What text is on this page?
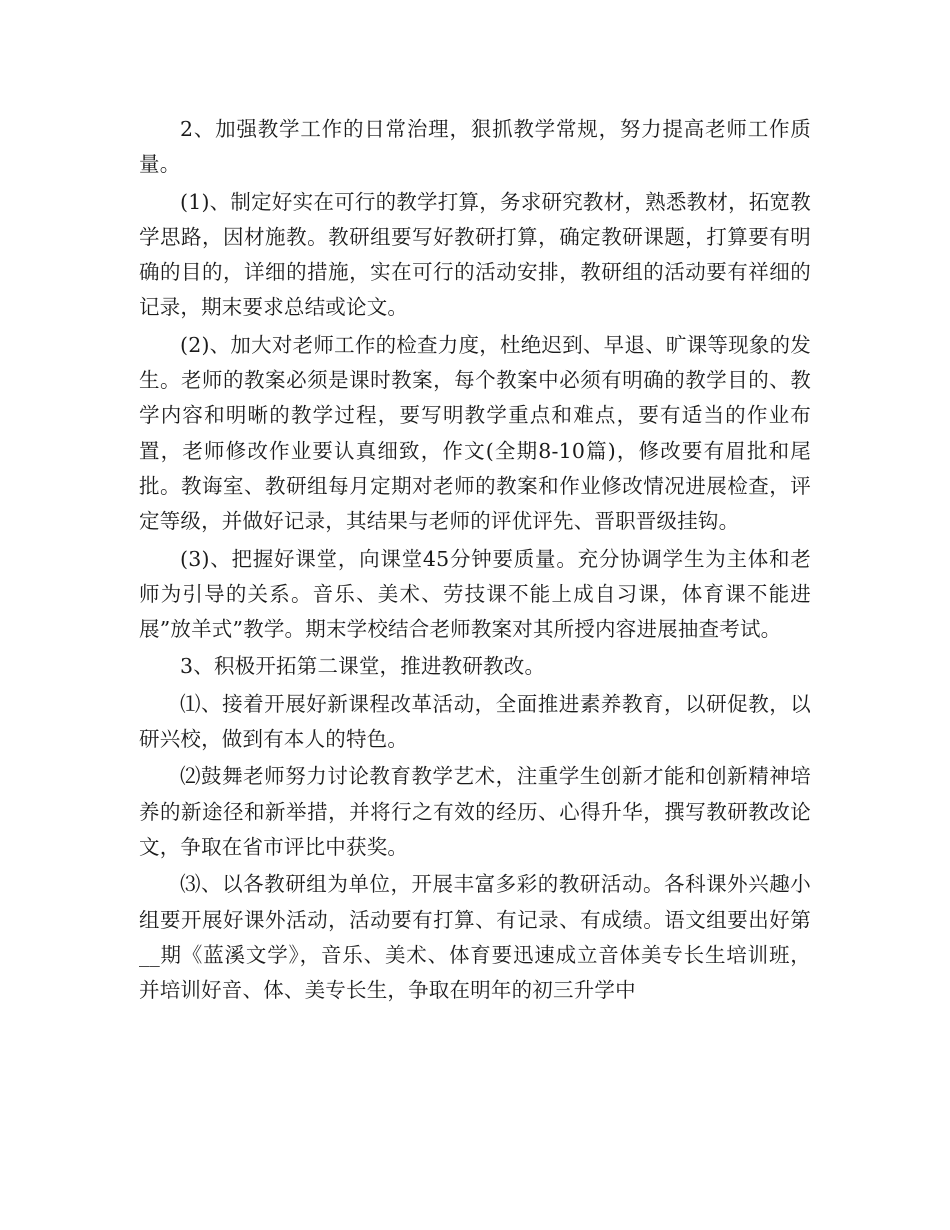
2、加强教学工作的日常治理，狠抓教学常规，努力提高老师工作质量。

(1)、制定好实在可行的教学打算，务求研究教材，熟悉教材，拓宽教学思路，因材施教。教研组要写好教研打算，确定教研课题，打算要有明确的目的，详细的措施，实在可行的活动安排，教研组的活动要有祥细的记录，期末要求总结或论文。

(2)、加大对老师工作的检查力度，杜绝迟到、早退、旷课等现象的发生。老师的教案必须是课时教案，每个教案中必须有明确的教学目的、教学内容和明晰的教学过程，要写明教学重点和难点，要有适当的作业布置，老师修改作业要认真细致，作文(全期8-10篇)，修改要有眉批和尾批。教诲室、教研组每月定期对老师的教案和作业修改情况进展检查，评定等级，并做好记录，其结果与老师的评优评先、晋职晋级挂钩。

(3)、把握好课堂，向课堂45分钟要质量。充分协调学生为主体和老师为引导的关系。音乐、美术、劳技课不能上成自习课，体育课不能进展”放羊式”教学。期末学校结合老师教案对其所授内容进展抽查考试。

3、积极开拓第二课堂，推进教研教改。

⑴、接着开展好新课程改革活动，全面推进素养教育，以研促教，以研兴校，做到有本人的特色。

⑵鼓舞老师努力讨论教育教学艺术，注重学生创新才能和创新精神培养的新途径和新举措，并将行之有效的经历、心得升华，撰写教研教改论文，争取在省市评比中获奖。

⑶、以各教研组为单位，开展丰富多彩的教研活动。各科课外兴趣小组要开展好课外活动，活动要有打算、有记录、有成绩。语文组要出好第__期《蓝溪文学》，音乐、美术、体育要迅速成立音体美专长生培训班，并培训好音、体、美专长生，争取在明年的初三升学中
